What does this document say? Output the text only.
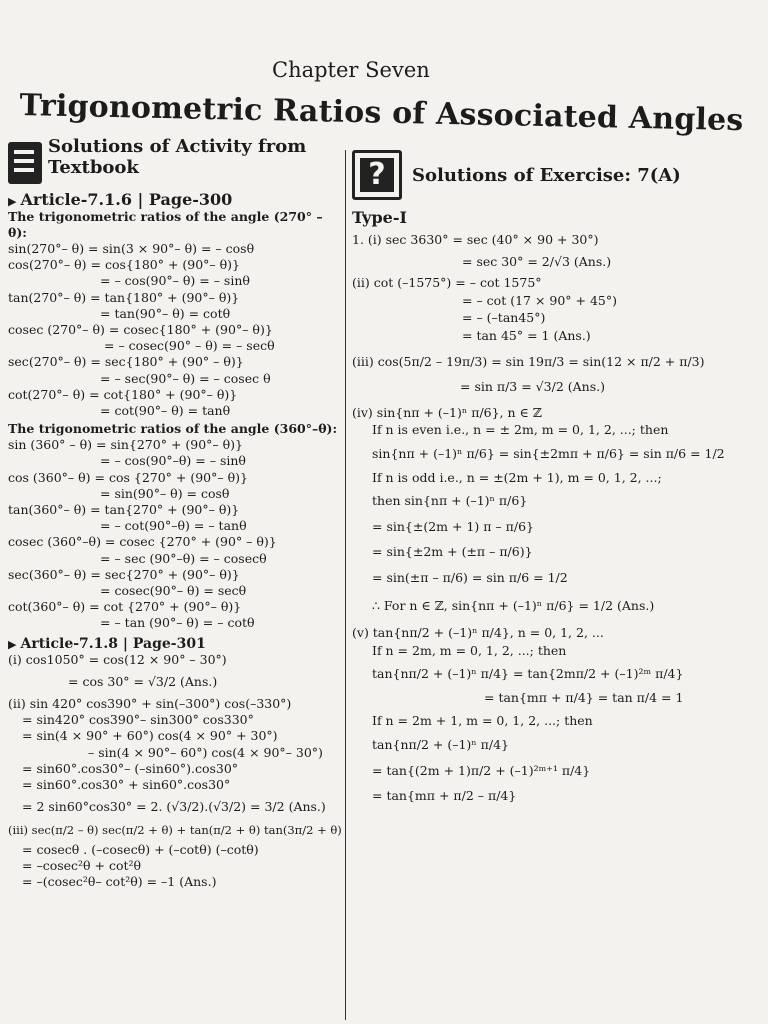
Chapter Seven
Trigonometric Ratios of Associated Angles
Solutions of Activity from
Textbook
▶ Article-7.1.6 | Page-300
The trigonometric ratios of the angle (270° – θ):
sin(270°– θ) = sin(3 × 90°– θ) = – cosθ
cos(270°– θ) = cos{180° + (90°– θ)}
= – cos(90°– θ) = – sinθ
tan(270°– θ) = tan{180° + (90°– θ)}
= tan(90°– θ) = cotθ
cosec (270°– θ) = cosec{180° + (90°– θ)}
= – cosec(90° – θ) = – secθ
sec(270°– θ) = sec{180° + (90° – θ)}
= – sec(90°– θ) = – cosec θ
cot(270°– θ) = cot{180° + (90°– θ)}
= cot(90°– θ) = tanθ
The trigonometric ratios of the angle (360°–θ):
sin (360° – θ) = sin{270° + (90°– θ)}
= – cos(90°–θ) = – sinθ
cos (360°– θ) = cos {270° + (90°– θ)}
= sin(90°– θ) = cosθ
tan(360°– θ) = tan{270° + (90°– θ)}
= – cot(90°–θ) = – tanθ
cosec (360°–θ) = cosec {270° + (90° – θ)}
= – sec (90°–θ) = – cosecθ
sec(360°– θ) = sec{270° + (90°– θ)}
= cosec(90°– θ) = secθ
cot(360°– θ) = cot {270° + (90°– θ)}
= – tan (90°– θ) = – cotθ
▶ Article-7.1.8 | Page-301
(i) cos1050° = cos(12 × 90° – 30°)
= cos 30° = √3/2 (Ans.)
(ii) sin 420° cos390° + sin(–300°) cos(–330°)
= sin420° cos390°– sin300° cos330°
= sin(4 × 90° + 60°) cos(4 × 90° + 30°)
– sin(4 × 90°– 60°) cos(4 × 90°– 30°)
= sin60°.cos30°– (–sin60°).cos30°
= sin60°.cos30° + sin60°.cos30°
= 2 sin60°cos30° = 2. (√3/2).(√3/2) = 3/2 (Ans.)
(iii) sec(π/2 – θ) sec(π/2 + θ) + tan(π/2 + θ) tan(3π/2 + θ)
= cosecθ . (–cosecθ) + (–cotθ) (–cotθ)
= –cosec²θ + cot²θ
= –(cosec²θ– cot²θ) = –1 (Ans.)
?	Solutions of Exercise: 7(A)
Type-I
1. (i) sec 3630° = sec (40° × 90 + 30°)
= sec 30° = 2/√3 (Ans.)
(ii) cot (–1575°) = – cot 1575°
= – cot (17 × 90° + 45°)
= – (–tan45°)
= tan 45° = 1 (Ans.)
(iii) cos(5π/2 – 19π/3) = sin 19π/3 = sin(12 × π/2 + π/3)
= sin π/3 = √3/2 (Ans.)
(iv) sin{nπ + (–1)ⁿ π/6}, n ∈ ℤ
If n is even i.e., n = ± 2m, m = 0, 1, 2, ...; then
sin{nπ + (–1)ⁿ π/6} = sin{±2mπ + π/6} = sin π/6 = 1/2
If n is odd i.e., n = ±(2m + 1), m = 0, 1, 2, ...;
then sin{nπ + (–1)ⁿ π/6}
= sin{±(2m + 1) π – π/6}
= sin{±2m + (±π – π/6)}
= sin(±π – π/6) = sin π/6 = 1/2
∴ For n ∈ ℤ, sin{nπ + (–1)ⁿ π/6} = 1/2 (Ans.)
(v) tan{nπ/2 + (–1)ⁿ π/4}, n = 0, 1, 2, ...
If n = 2m, m = 0, 1, 2, ...; then
tan{nπ/2 + (–1)ⁿ π/4} = tan{2mπ/2 + (–1)²ᵐ π/4}
= tan{mπ + π/4} = tan π/4 = 1
If n = 2m + 1, m = 0, 1, 2, ...; then
tan{nπ/2 + (–1)ⁿ π/4}
= tan{(2m + 1)π/2 + (–1)²ᵐ⁺¹ π/4}
= tan{mπ + π/2 – π/4}
